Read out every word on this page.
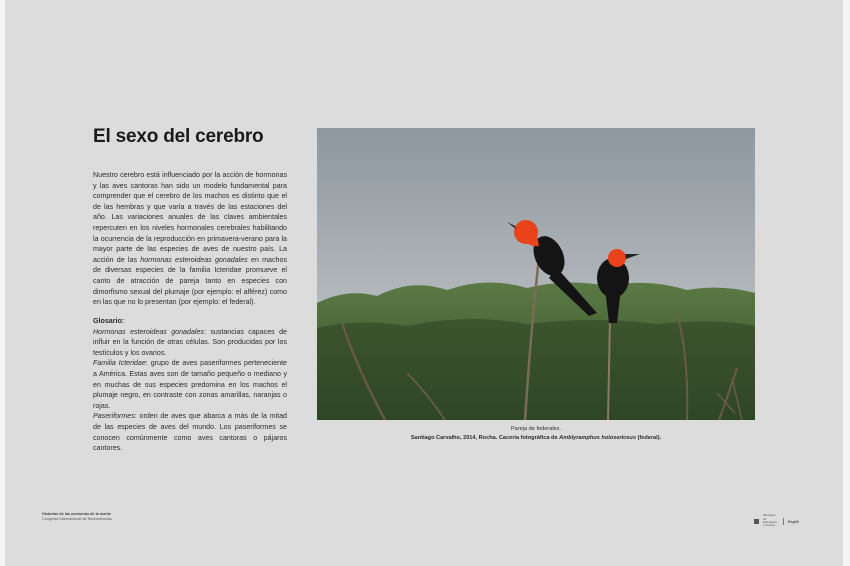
El sexo del cerebro

Nuestro cerebro está influenciado por la acción de hormonas y las aves cantoras han sido un modelo fundamental para comprender que el cerebro de los machos es distinto que el de las hembras y que varía a través de las estaciones del año. Las variaciones anuales de las claves ambientales repercuten en los niveles hormonales cerebrales habilitando la ocurrencia de la reproducción en primavera-verano para la mayor parte de las especies de aves de nuestro país. La acción de las hormonas esteroideas gonadales en machos de diversas especies de la familia Icteridae promueve el canto de atracción de pareja tanto en especies con dimorfismo sexual del plumaje (por ejemplo: el alférez) como en las que no lo presentan (por ejemplo: el federal).

Glosario:

Hormonas esteroideas gonadales: sustancias capaces de influir en la función de otras células. Son producidas por los testículos y los ovarios.

Familia Icteridae: grupo de aves paseriformes perteneciente a América. Estas aves son de tamaño pequeño o mediano y en muchas de sus especies predomina en los machos el plumaje negro, en contraste con zonas amarillas, naranjas o rojas.

Paseriformes: orden de aves que abarca a más de la mitad de las especies de aves del mundo. Los paseriformes se conocen comúnmente como aves cantoras o pájaros cantores.

Pareja de federales.
Santiago Carvalho, 2014, Rocha. Cacería fotográfica de Amblyramphus holosericeus (federal).
Historias de las memorias de la mente
Congreso Internacional de Neurociencias
Ministerio de Educación y Cultura
EspM
